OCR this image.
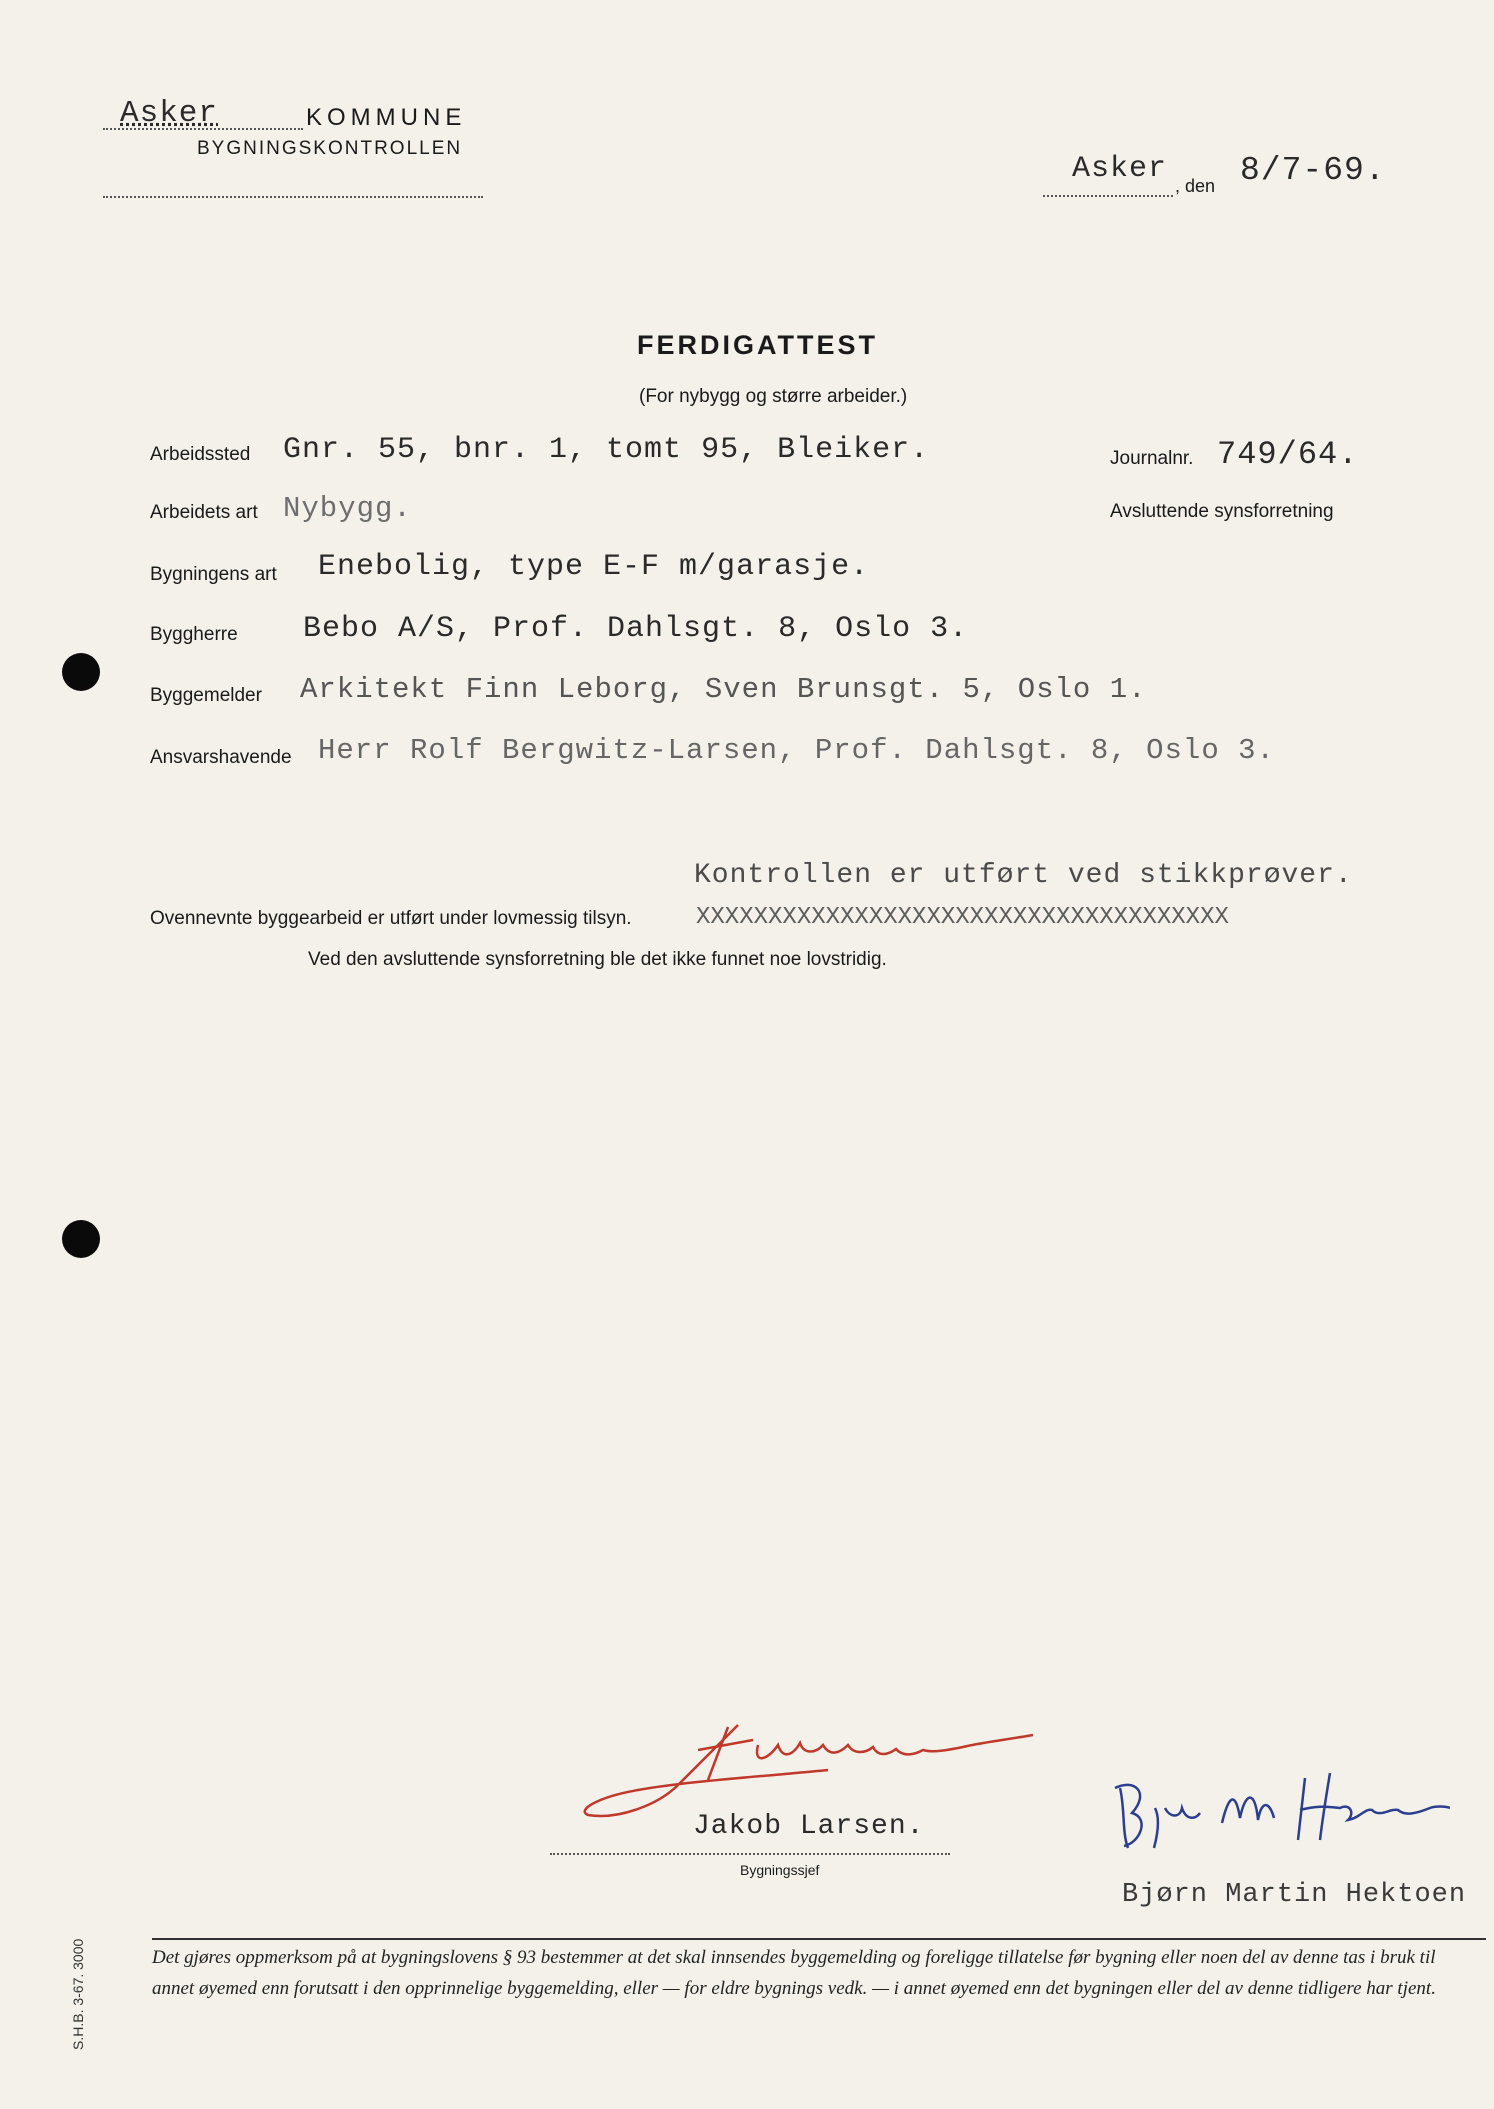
Asker	KOMMUNE
BYGNINGSKONTROLLEN
Asker , den 8/7-69.
FERDIGATTEST
(For nybygg og større arbeider.)
Arbeidssted Gnr. 55, bnr. 1, tomt 95, Bleiker.	Journalnr. 749/64.
Arbeidets art Nybygg.	Avsluttende synsforretning
Bygningens art Enebolig, type E-F m/garasje.
Byggherre Bebo A/S, Prof. Dahlsgt. 8, Oslo 3.
Byggemelder Arkitekt Finn Leborg, Sven Brunsgt. 5, Oslo 1.
Ansvarshavende Herr Rolf Bergwitz-Larsen, Prof. Dahlsgt. 8, Oslo 3.
Kontrollen er utført ved stikkprøver.
Ovennevnte byggearbeid er utført under lovmessig tilsyn.	XXXXXXXXXXXXXXXXXXXXXXXXXXXXXXXXXXXXX
Ved den avsluttende synsforretning ble det ikke funnet noe lovstridig.
Jakob Larsen.
Bygningssjef
Bjørn Martin Hektoen
Det gjøres oppmerksom på at bygningslovens § 93 bestemmer at det skal innsendes byggemelding og foreligge tillatelse før bygning eller noen del av denne tas i bruk til annet øyemed enn forutsatt i den opprinnelige byggemelding, eller — for eldre bygnings vedk. — i annet øyemed enn det bygningen eller del av denne tidligere har tjent.
S.H.B. 3-67. 3000
